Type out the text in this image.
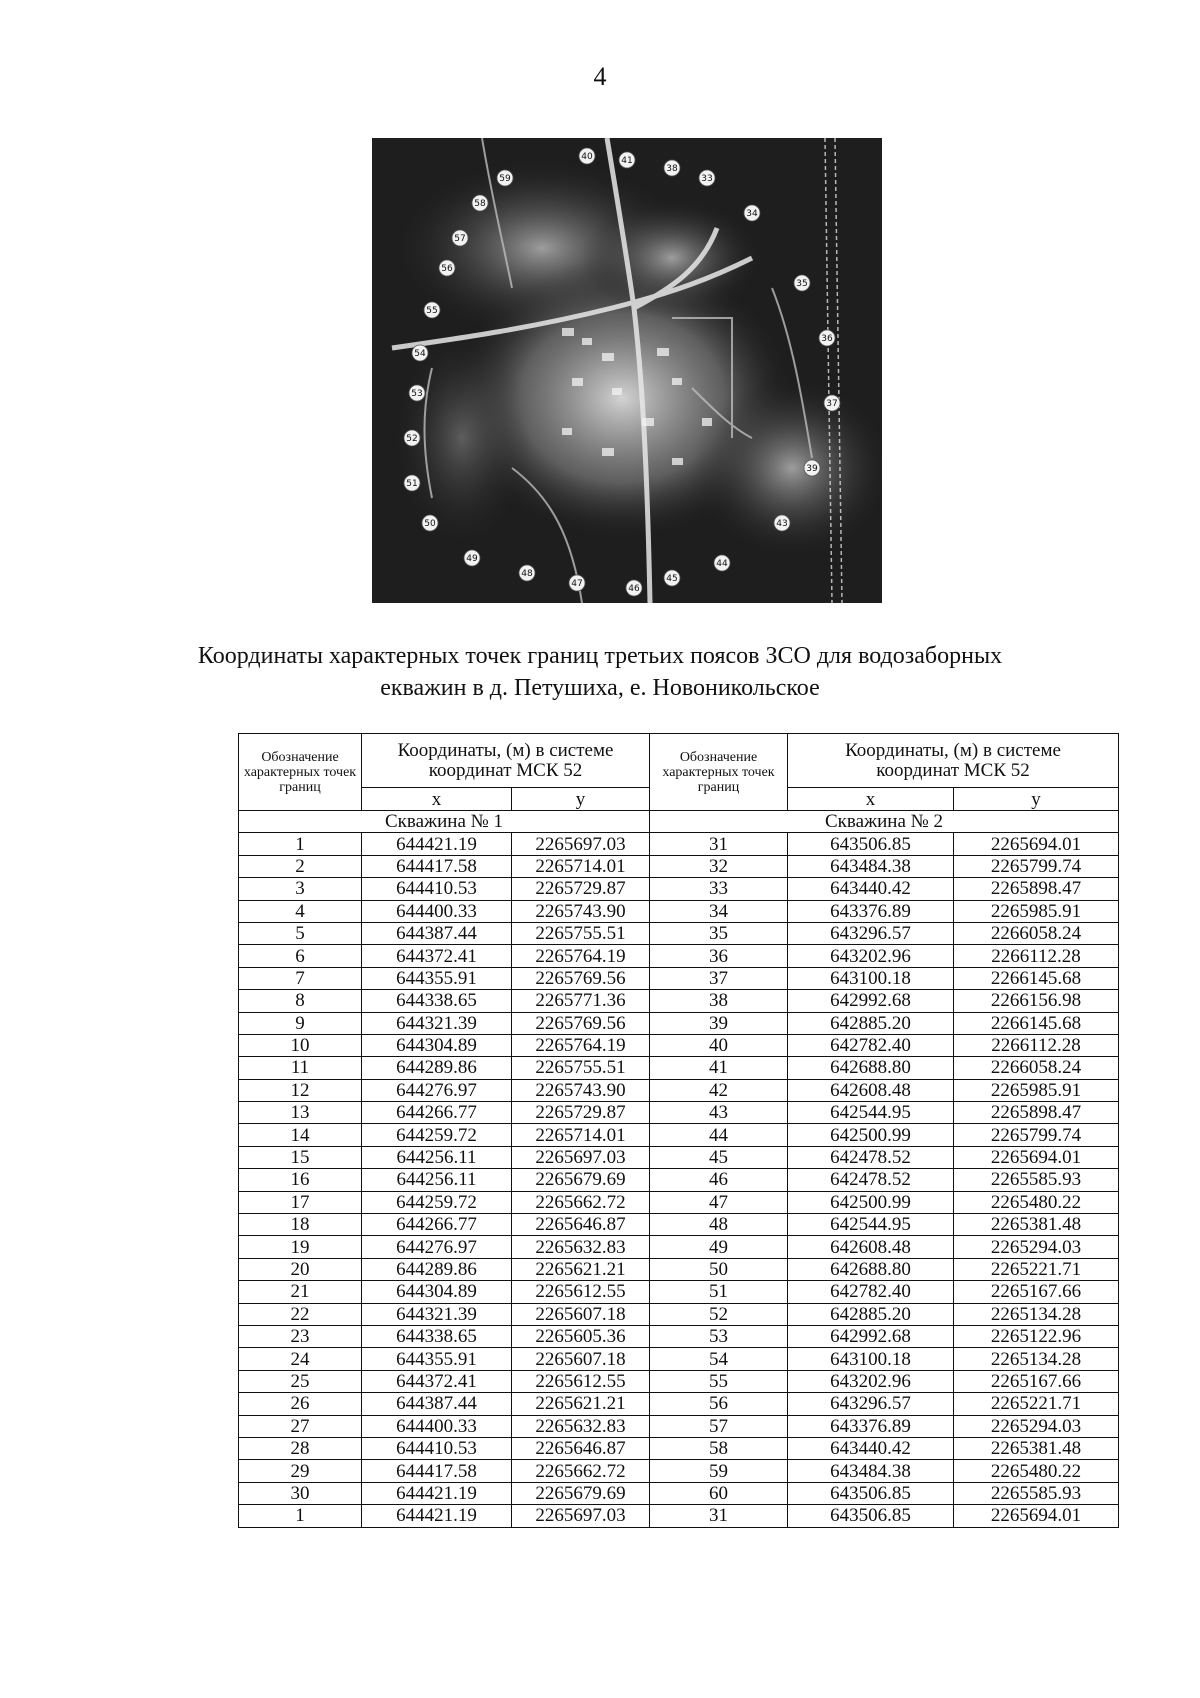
4
40	41
38
33
59
58
57
56
55
54
53
52
51
50
49
48
47	46
45
44
43
39
37
36
35
34
Координаты характерных точек границ третьих поясов ЗСО для водозаборных
екважин в д. Петушиха, е. Новоникольское
Обозначение характерных точек границ	Координаты, (м) в системе координат МСК 52		Обозначение характерных точек границ	Координаты, (м) в системе координат МСК 52	
	х	у		х	у
Скважина № 1			Скважина № 2		
1	644421.19	2265697.03	31	643506.85	2265694.01
2	644417.58	2265714.01	32	643484.38	2265799.74
3	644410.53	2265729.87	33	643440.42	2265898.47
4	644400.33	2265743.90	34	643376.89	2265985.91
5	644387.44	2265755.51	35	643296.57	2266058.24
6	644372.41	2265764.19	36	643202.96	2266112.28
7	644355.91	2265769.56	37	643100.18	2266145.68
8	644338.65	2265771.36	38	642992.68	2266156.98
9	644321.39	2265769.56	39	642885.20	2266145.68
10	644304.89	2265764.19	40	642782.40	2266112.28
11	644289.86	2265755.51	41	642688.80	2266058.24
12	644276.97	2265743.90	42	642608.48	2265985.91
13	644266.77	2265729.87	43	642544.95	2265898.47
14	644259.72	2265714.01	44	642500.99	2265799.74
15	644256.11	2265697.03	45	642478.52	2265694.01
16	644256.11	2265679.69	46	642478.52	2265585.93
17	644259.72	2265662.72	47	642500.99	2265480.22
18	644266.77	2265646.87	48	642544.95	2265381.48
19	644276.97	2265632.83	49	642608.48	2265294.03
20	644289.86	2265621.21	50	642688.80	2265221.71
21	644304.89	2265612.55	51	642782.40	2265167.66
22	644321.39	2265607.18	52	642885.20	2265134.28
23	644338.65	2265605.36	53	642992.68	2265122.96
24	644355.91	2265607.18	54	643100.18	2265134.28
25	644372.41	2265612.55	55	643202.96	2265167.66
26	644387.44	2265621.21	56	643296.57	2265221.71
27	644400.33	2265632.83	57	643376.89	2265294.03
28	644410.53	2265646.87	58	643440.42	2265381.48
29	644417.58	2265662.72	59	643484.38	2265480.22
30	644421.19	2265679.69	60	643506.85	2265585.93
1	644421.19	2265697.03	31	643506.85	2265694.01
